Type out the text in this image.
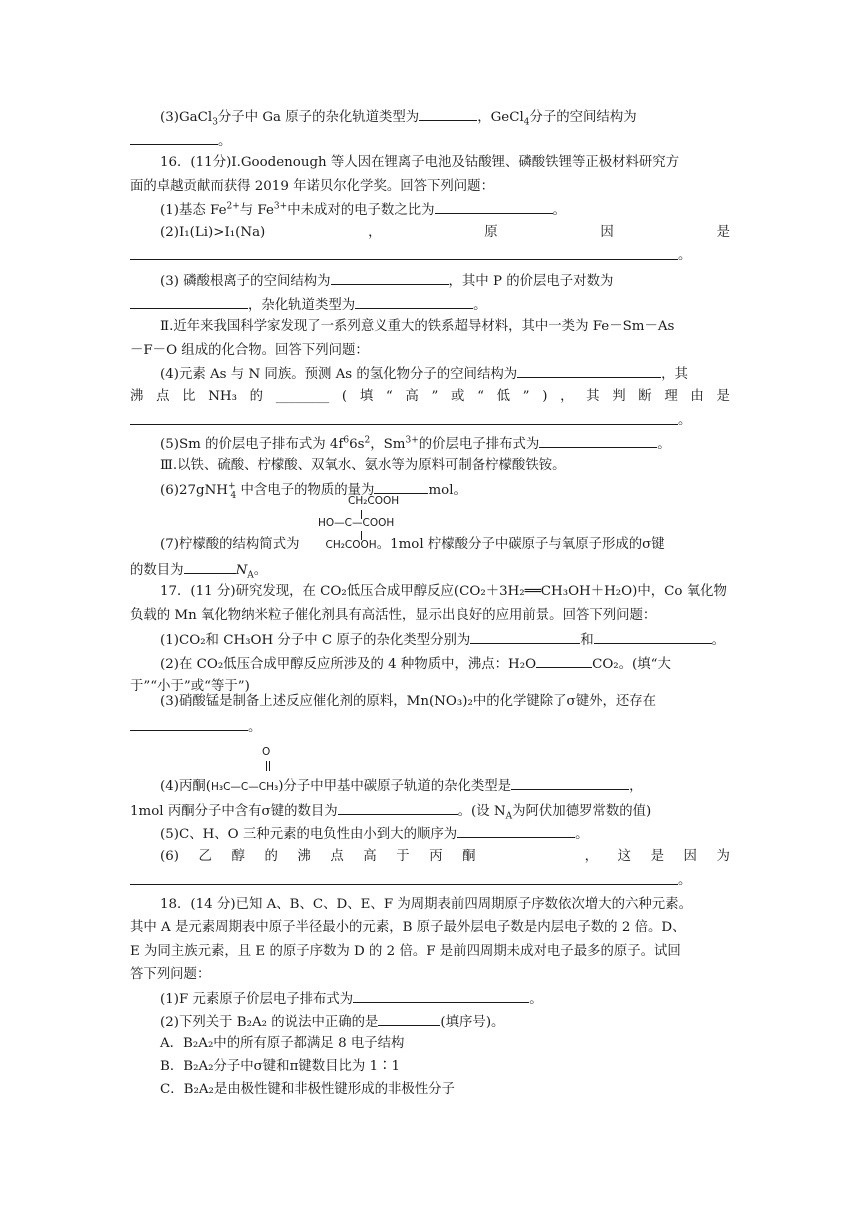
(3)GaCl$_3$分子中 Ga 原子的杂化轨道类型为	，GeCl$_4$分子的空间结构为
。
16．(11分)Ⅰ.Goodenough 等人因在锂离子电池及钴酸锂、磷酸铁锂等正极材料研究方
面的卓越贡献而获得 2019 年诺贝尔化学奖。回答下列问题：
(1)基态 $Fe^{2+}$与 $Fe^{3+}$中未成对的电子数之比为	。
(2)I₁(Li)>I₁(Na)	，	原	因	是
。
(3) 磷酸根离子的空间结构为	，其中 P 的价层电子对数为
，杂化轨道类型为	。
Ⅱ.近年来我国科学家发现了一系列意义重大的铁系超导材料，其中一类为 Fe－Sm－As
－F－O 组成的化合物。回答下列问题：
(4)元素 As 与 N 同族。预测 As 的氢化物分子的空间结构为	，其
沸 点 比 NH₃ 的 ________ ( 填 “ 高 ” 或 “ 低 ” ) ， 其 判 断 理 由 是
。
(5)Sm 的价层电子排布式为 $4f^66s^2$，$Sm^{3+}$的价层电子排布式为	。
Ⅲ.以铁、硫酸、柠檬酸、双氧水、氨水等为原料可制备柠檬酸铁铵。
(6)27gNH+$_4$ 中含电子的物质的量为	mol。
CH₂COOH
HO—C—COOH
(7)柠檬酸的结构简式为 CH₂COOH。1mol 柠檬酸分子中碳原子与氧原子形成的σ键
的数目为	$N_A$。
17．(11 分)研究发现，在 CO₂低压合成甲醇反应(CO₂＋3H₂══CH₃OH＋H₂O)中，Co 氧化物
负载的 Mn 氧化物纳米粒子催化剂具有高活性，显示出良好的应用前景。回答下列问题：
(1)CO₂和 CH₃OH 分子中 C 原子的杂化类型分别为	和	。
(2)在 CO₂低压合成甲醇反应所涉及的 4 种物质中，沸点：H₂O	CO₂。(填“大
于”“小于”或“等于”)
(3)硝酸锰是制备上述反应催化剂的原料，Mn(NO₃)₂中的化学键除了σ键外，还存在
。
O
(4)丙酮(H₃C—C—CH₃)分子中甲基中碳原子轨道的杂化类型是	，
1mol 丙酮分子中含有σ键的数目为	。(设 $N_A$为阿伏加德罗常数的值)
(5)C、H、O 三种元素的电负性由小到大的顺序为	。
(6) 乙 醇 的 沸 点 高 于 丙 酮	， 这 是 因 为
。
18．(14 分)已知 A、B、C、D、E、F 为周期表前四周期原子序数依次增大的六种元素。
其中 A 是元素周期表中原子半径最小的元素，B 原子最外层电子数是内层电子数的 2 倍。D、
E 为同主族元素，且 E 的原子序数为 D 的 2 倍。F 是前四周期未成对电子最多的原子。试回
答下列问题：
(1)F 元素原子价层电子排布式为	。
(2)下列关于 B₂A₂ 的说法中正确的是	(填序号)。
A．B₂A₂中的所有原子都满足 8 电子结构
B．B₂A₂分子中σ键和π键数目比为 1∶1
C．B₂A₂是由极性键和非极性键形成的非极性分子
